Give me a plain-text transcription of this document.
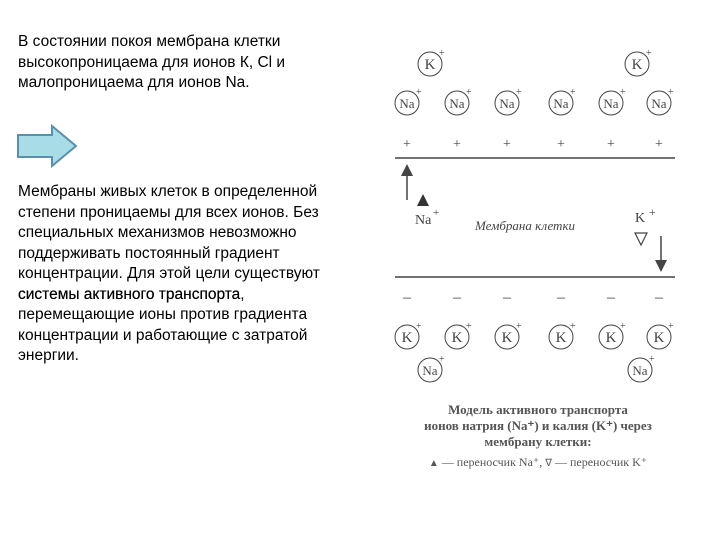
В состоянии покоя мембрана клетки
высокопроницаема для ионов К, Cl и
малопроницаема для ионов Na.

Мембраны живых клеток в определенной
степени проницаемы для всех ионов. Без
специальных механизмов невозможно
поддерживать постоянный градиент
концентрации. Для этой цели существуют
системы активного транспорта,
перемещающие ионы против градиента
концентрации и работающие с затратой
энергии.

K
+
K
+
Na
+
Na
+
Na
+
Na
+
Na
+
Na
+
+	+	+	+	+	+
–	–	–	–	–	–
K
+
K
+
K
+
K
+
K
+
K
+
Na
+
Na
+
Na +
Мембрана клетки	K +

Модель активного транспорта
ионов натрия (Na⁺) и калия (K⁺) через
мембрану клетки:

▲ — переносчик Na⁺, ∇ — переносчик K⁺
